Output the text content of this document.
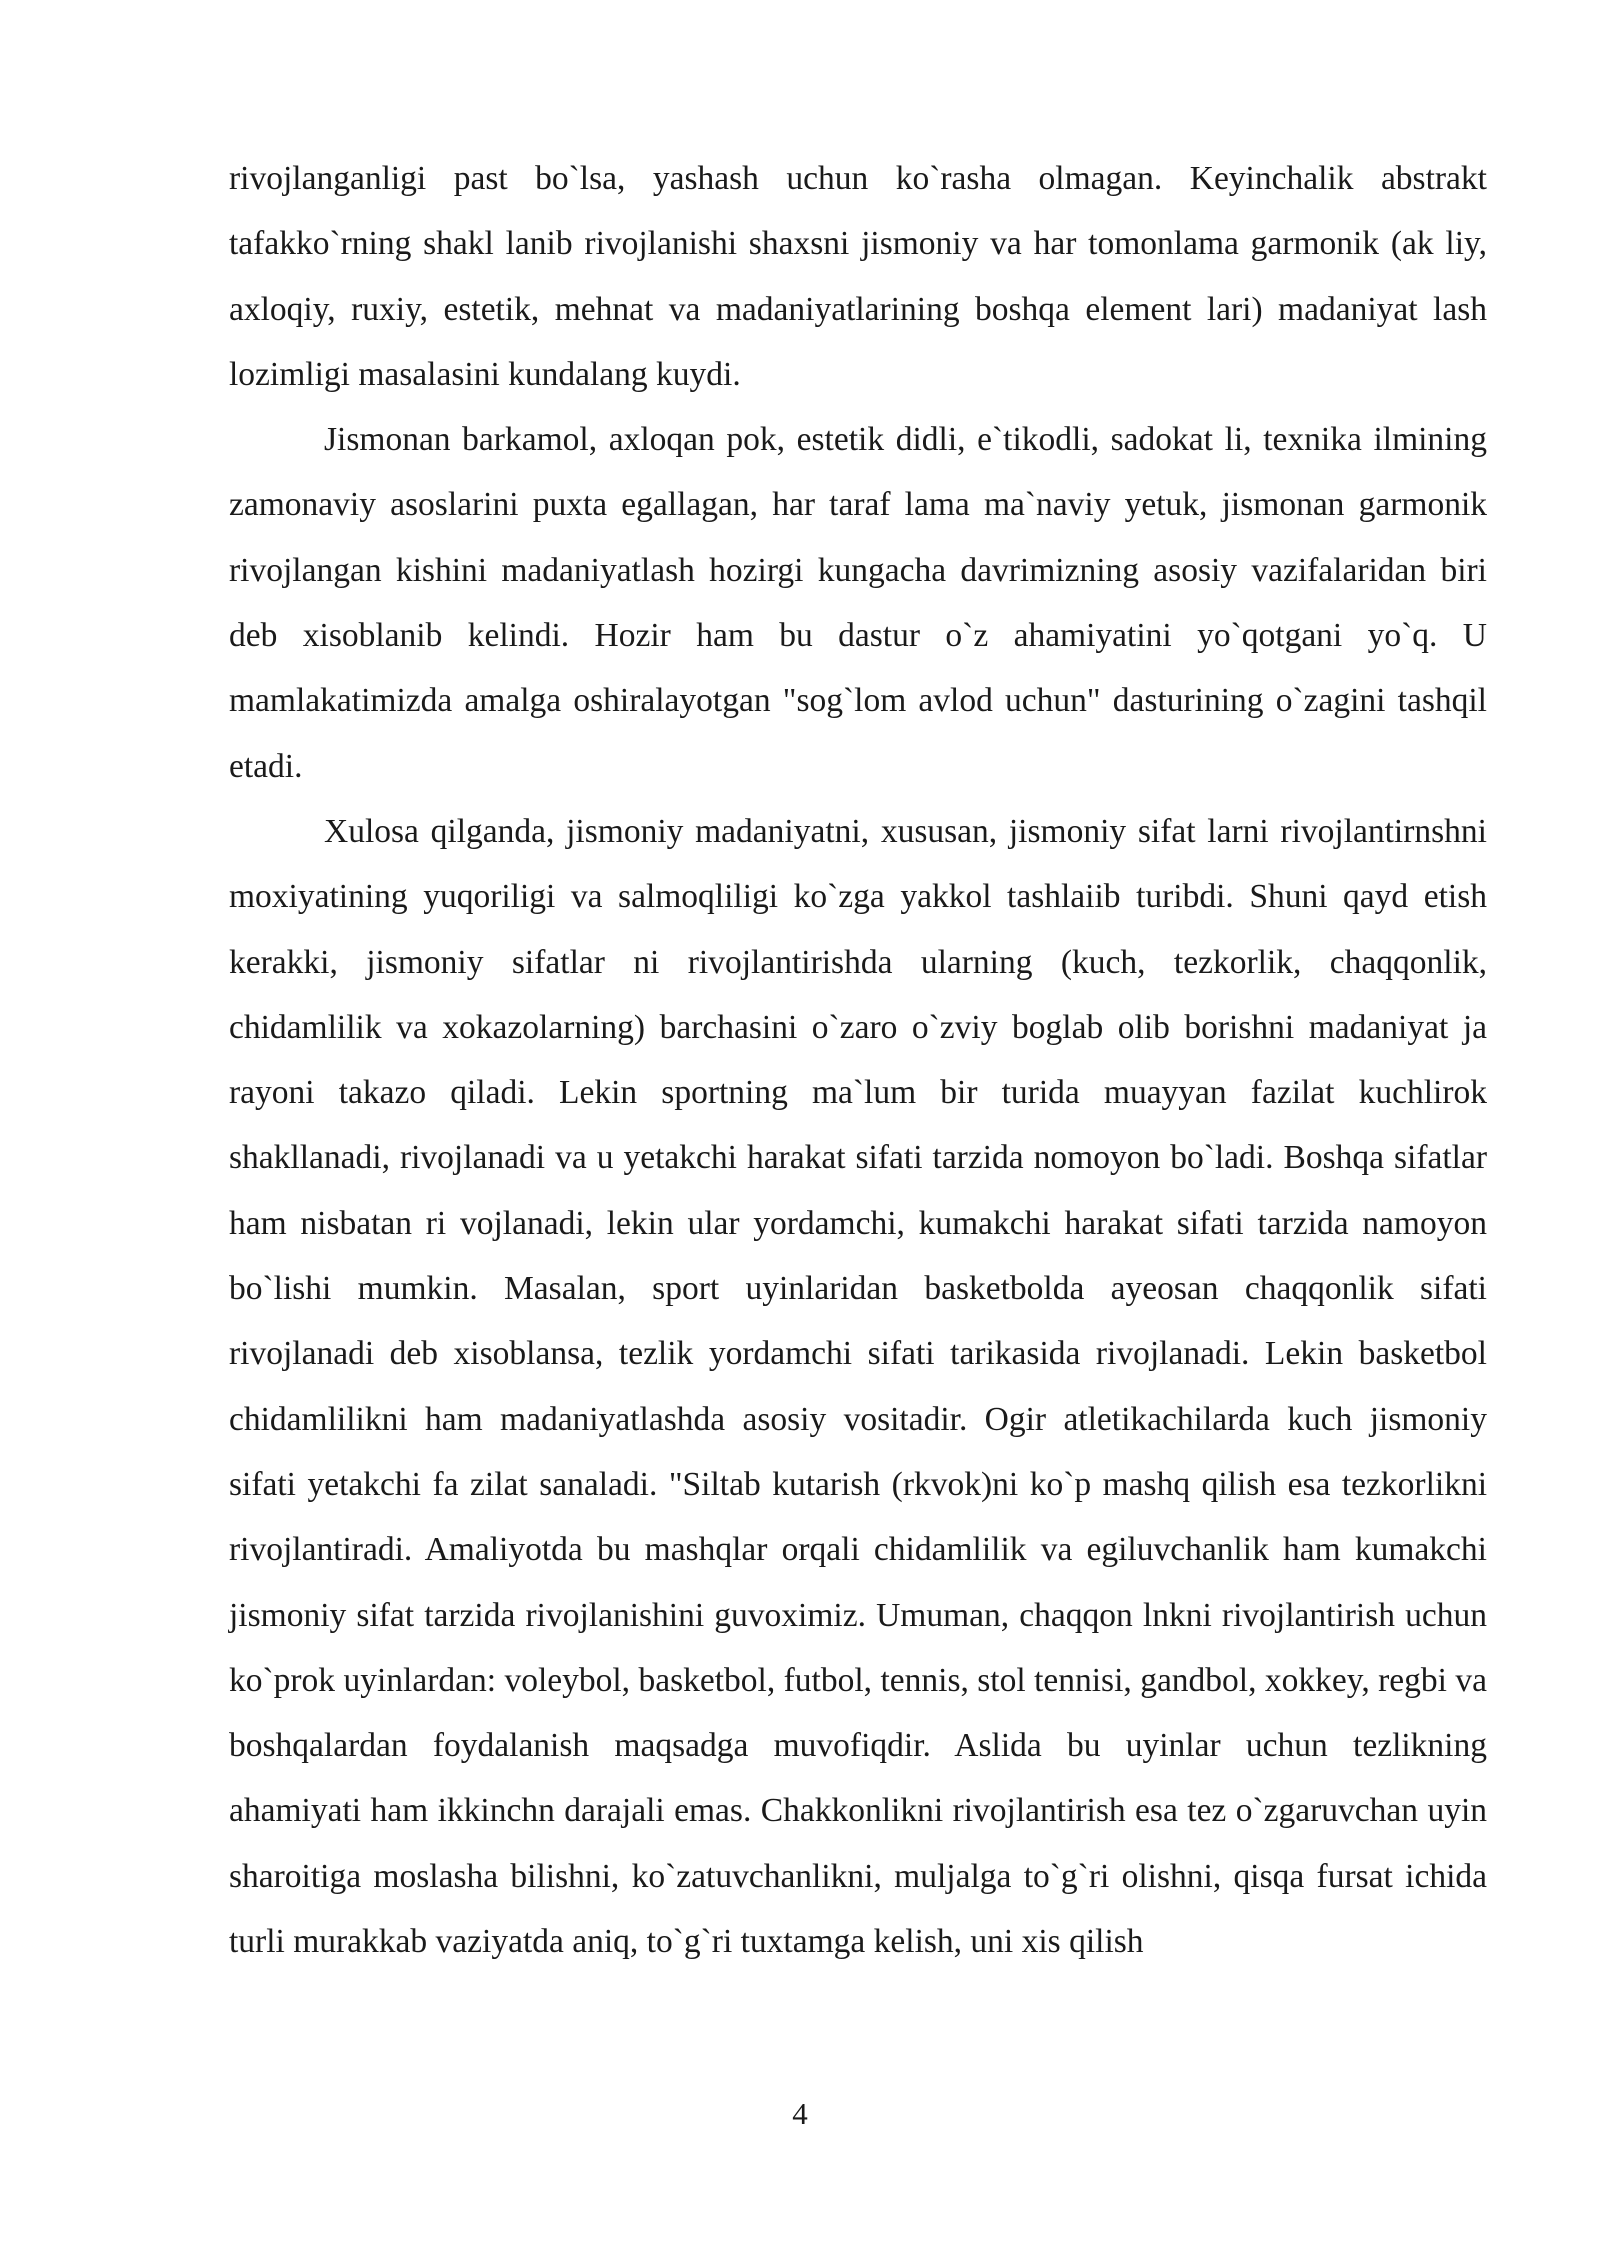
rivojlanganligi past bo`lsa, yashash uchun ko`rasha olmagan. Keyinchalik abstrakt tafakko`rning shakl lanib rivojlanishi shaxsni jismoniy va har tomonlama garmonik (ak liy, axloqiy, ruxiy, estetik, mehnat va madaniyatlarining boshqa element lari) madaniyat lash lozimligi masalasini kundalang kuydi.

Jismonan barkamol, axloqan pok, estetik didli, e`tikodli, sadokat li, texnika ilmining zamonaviy asoslarini puxta egallagan, har taraf lama ma`naviy yetuk, jismonan garmonik rivojlangan kishini madaniyatlash hozirgi kungacha davrimizning asosiy vazifalaridan biri deb xisoblanib kelindi. Hozir ham bu dastur o`z ahamiyatini yo`qotgani yo`q. U mamlakatimizda amalga oshiralayotgan "sog`lom avlod uchun" dasturining o`zagini tashqil etadi.

Xulosa qilganda, jismoniy madaniyatni, xususan, jismoniy sifat larni rivojlantirnshni moxiyatining yuqoriligi va salmoqliligi ko`zga yakkol tashlaiib turibdi. Shuni qayd etish kerakki, jismoniy sifatlar ni rivojlantirishda ularning (kuch, tezkorlik, chaqqonlik, chidamlilik va xokazolarning) barchasini o`zaro o`zviy boglab olib borishni madaniyat ja rayoni takazo qiladi. Lekin sportning ma`lum bir turida muayyan fazilat kuchlirok shakllanadi, rivojlanadi va u yetakchi harakat sifati tarzida nomoyon bo`ladi. Boshqa sifatlar ham nisbatan ri vojlanadi, lekin ular yordamchi, kumakchi harakat sifati tarzida namoyon bo`lishi mumkin. Masalan, sport uyinlaridan basketbolda ayeosan chaqqonlik sifati rivojlanadi deb xisoblansa, tezlik yordamchi sifati tarikasida rivojlanadi. Lekin basketbol chidamlilikni ham madaniyatlashda asosiy vositadir. Ogir atletikachilarda kuch jismoniy sifati yetakchi fa zilat sanaladi. "Siltab kutarish (rkvok)ni ko`p mashq qilish esa tezkorlikni rivojlantiradi. Amaliyotda bu mashqlar orqali chidamlilik va egiluvchanlik ham kumakchi jismoniy sifat tarzida rivojlanishini guvoximiz. Umuman, chaqqon lnkni rivojlantirish uchun ko`prok uyinlardan: voleybol, basketbol, futbol, tennis, stol tennisi, gandbol, xokkey, regbi va boshqalardan foydalanish maqsadga muvofiqdir. Aslida bu uyinlar uchun tezlikning ahamiyati ham ikkinchn darajali emas. Chakkonlikni rivojlantirish esa tez o`zgaruvchan uyin sharoitiga moslasha bilishni, ko`zatuvchanlikni, muljalga to`g`ri olishni, qisqa fursat ichida turli murakkab vaziyatda aniq, to`g`ri tuxtamga kelish, uni xis qilish

4
